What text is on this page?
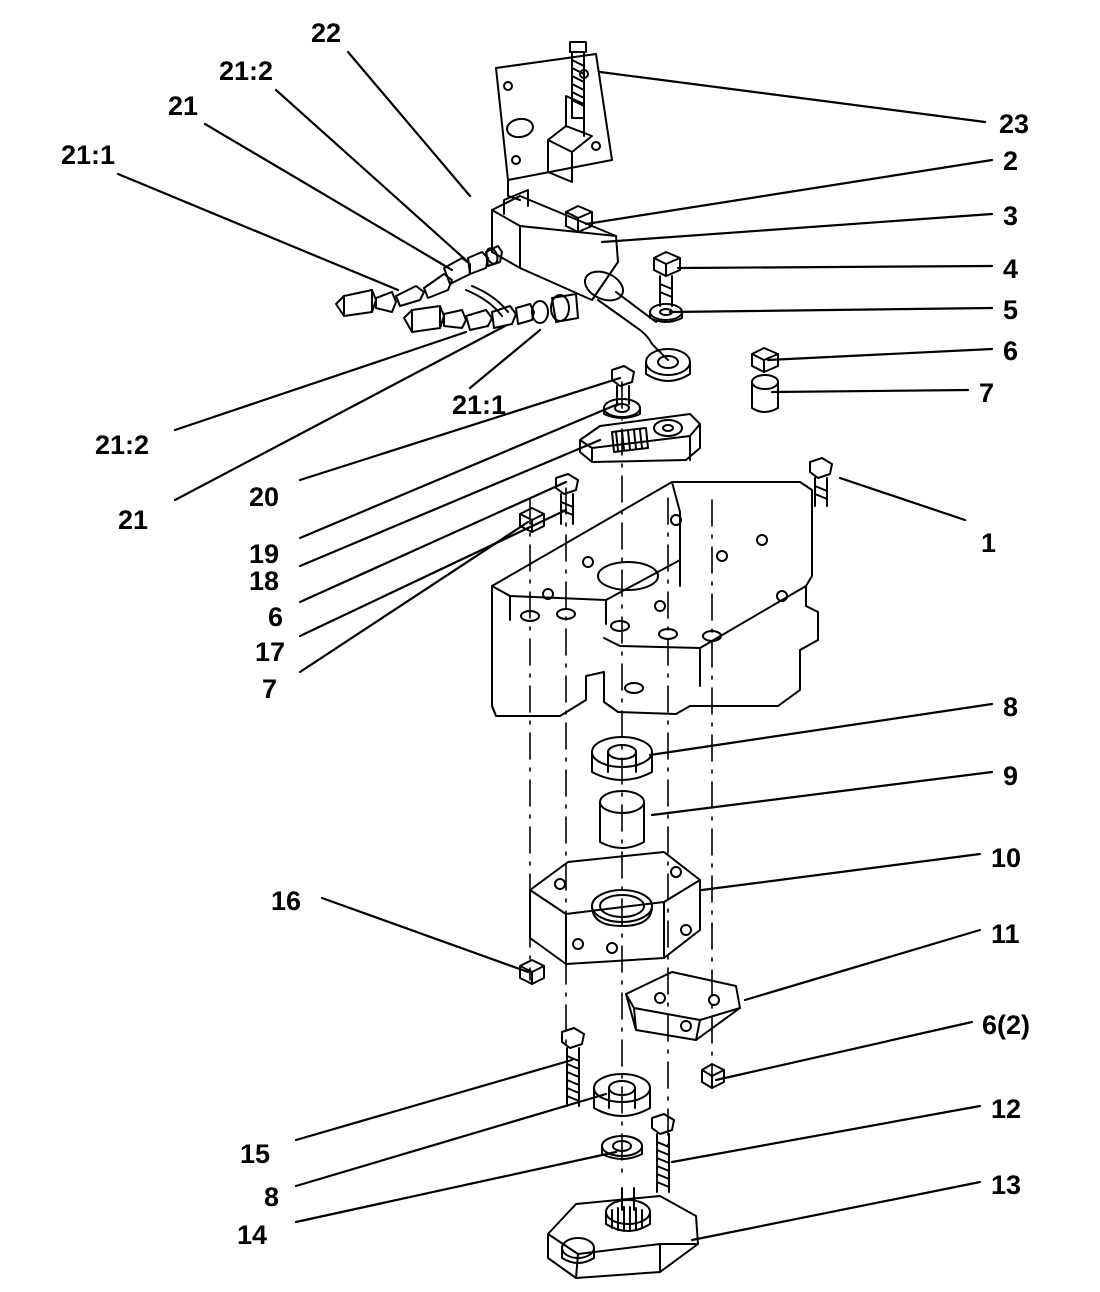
22
21:2
21
21:1
23
2
3
4
5
6
7
21:1
21:2
21
20
19
18
6
17
7
1
8
9
10
16
11
6(2)
12
15
8
14
13
